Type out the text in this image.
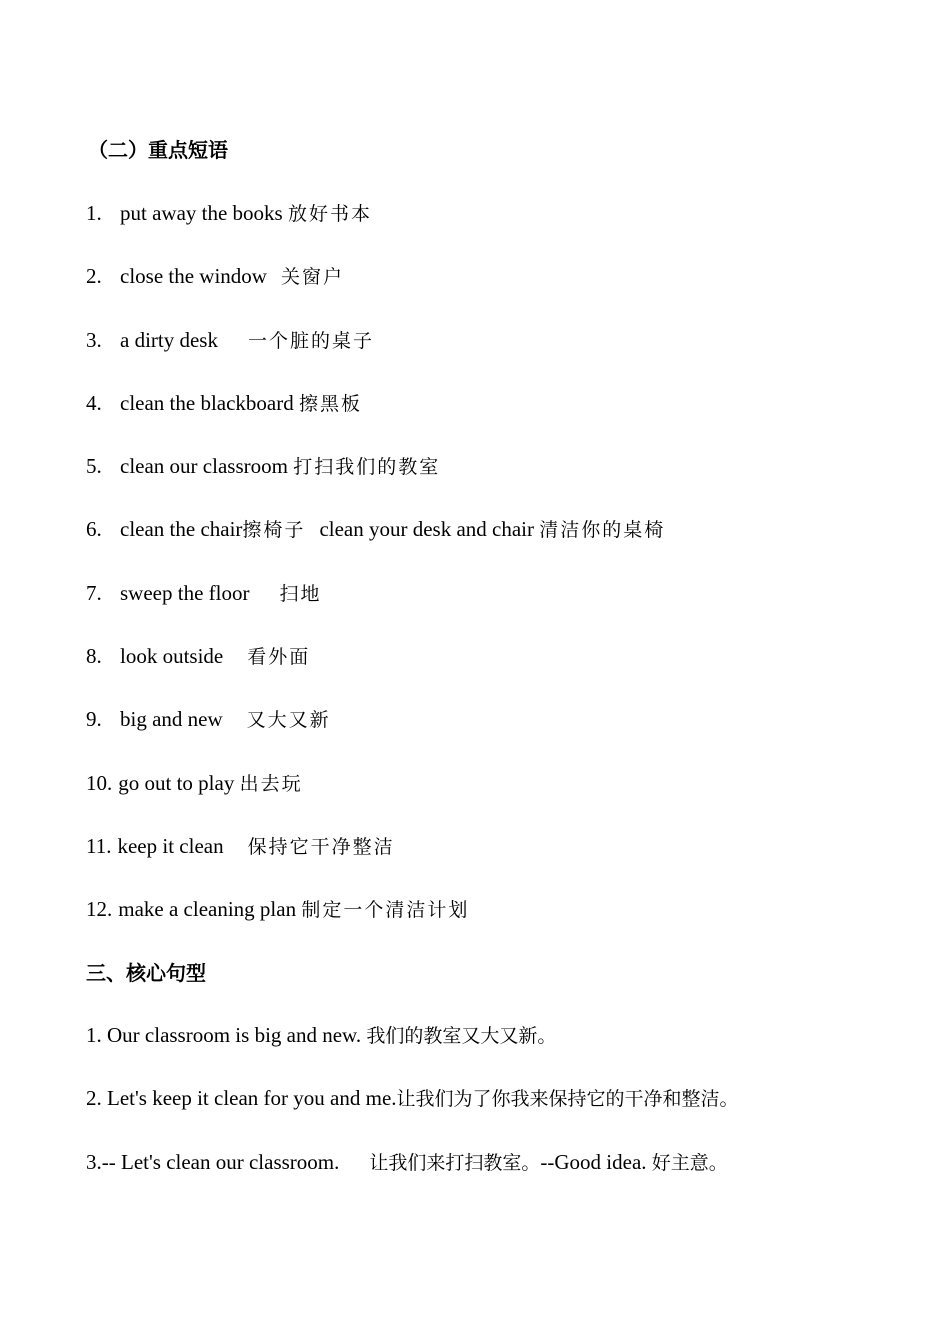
（二）重点短语
1. put away the books 放好书本
2. close the window 关窗户
3. a dirty desk 一个脏的桌子
4. clean the blackboard 擦黑板
5. clean our classroom 打扫我们的教室
6. clean the chair擦椅子 clean your desk and chair 清洁你的桌椅
7. sweep the floor 扫地
8. look outside 看外面
9. big and new 又大又新
10. go out to play 出去玩
11. keep it clean 保持它干净整洁
12. make a cleaning plan 制定一个清洁计划
三、核心句型
1. Our classroom is big and new. 我们的教室又大又新。
2. Let's keep it clean for you and me.让我们为了你我来保持它的干净和整洁。
3.-- Let's clean our classroom. 让我们来打扫教室。--Good idea. 好主意。
